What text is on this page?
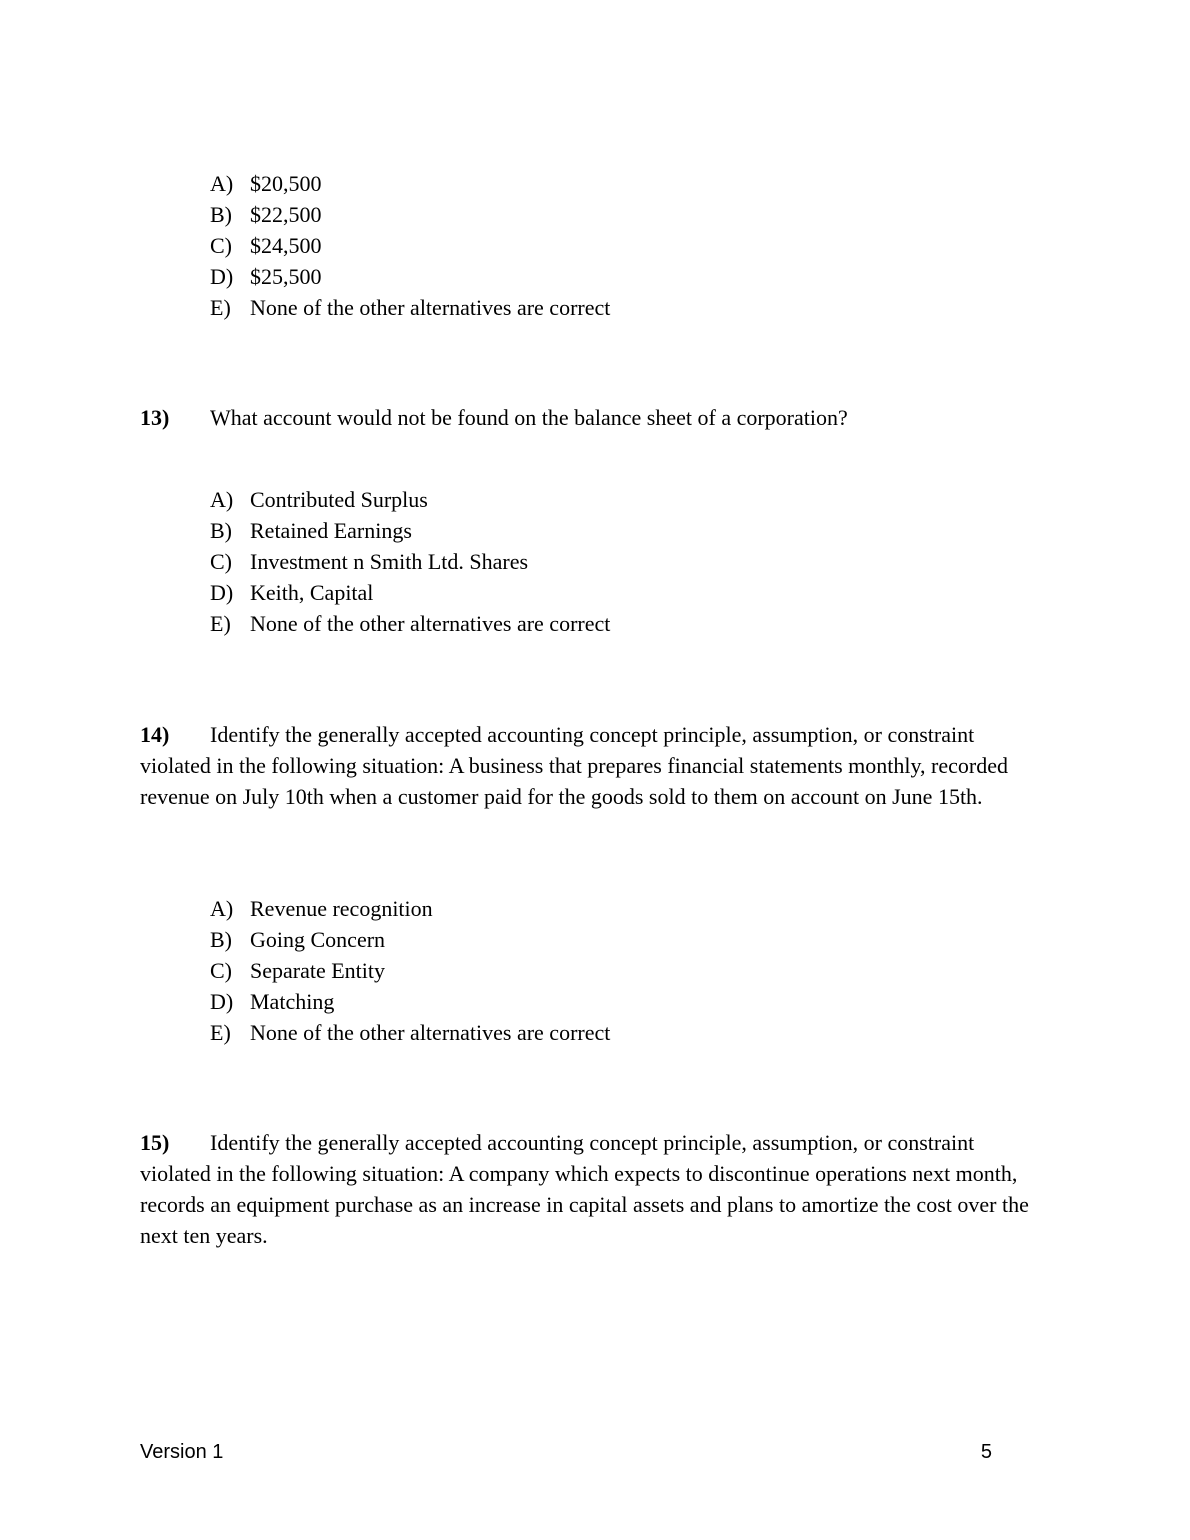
A) $20,500
B) $22,500
C) $24,500
D) $25,500
E) None of the other alternatives are correct
13) What account would not be found on the balance sheet of a corporation?
A) Contributed Surplus
B) Retained Earnings
C) Investment n Smith Ltd. Shares
D) Keith, Capital
E) None of the other alternatives are correct
14) Identify the generally accepted accounting concept principle, assumption, or constraint violated in the following situation: A business that prepares financial statements monthly, recorded revenue on July 10th when a customer paid for the goods sold to them on account on June 15th.
A) Revenue recognition
B) Going Concern
C) Separate Entity
D) Matching
E) None of the other alternatives are correct
15) Identify the generally accepted accounting concept principle, assumption, or constraint violated in the following situation: A company which expects to discontinue operations next month, records an equipment purchase as an increase in capital assets and plans to amortize the cost over the next ten years.
Version 1	5
